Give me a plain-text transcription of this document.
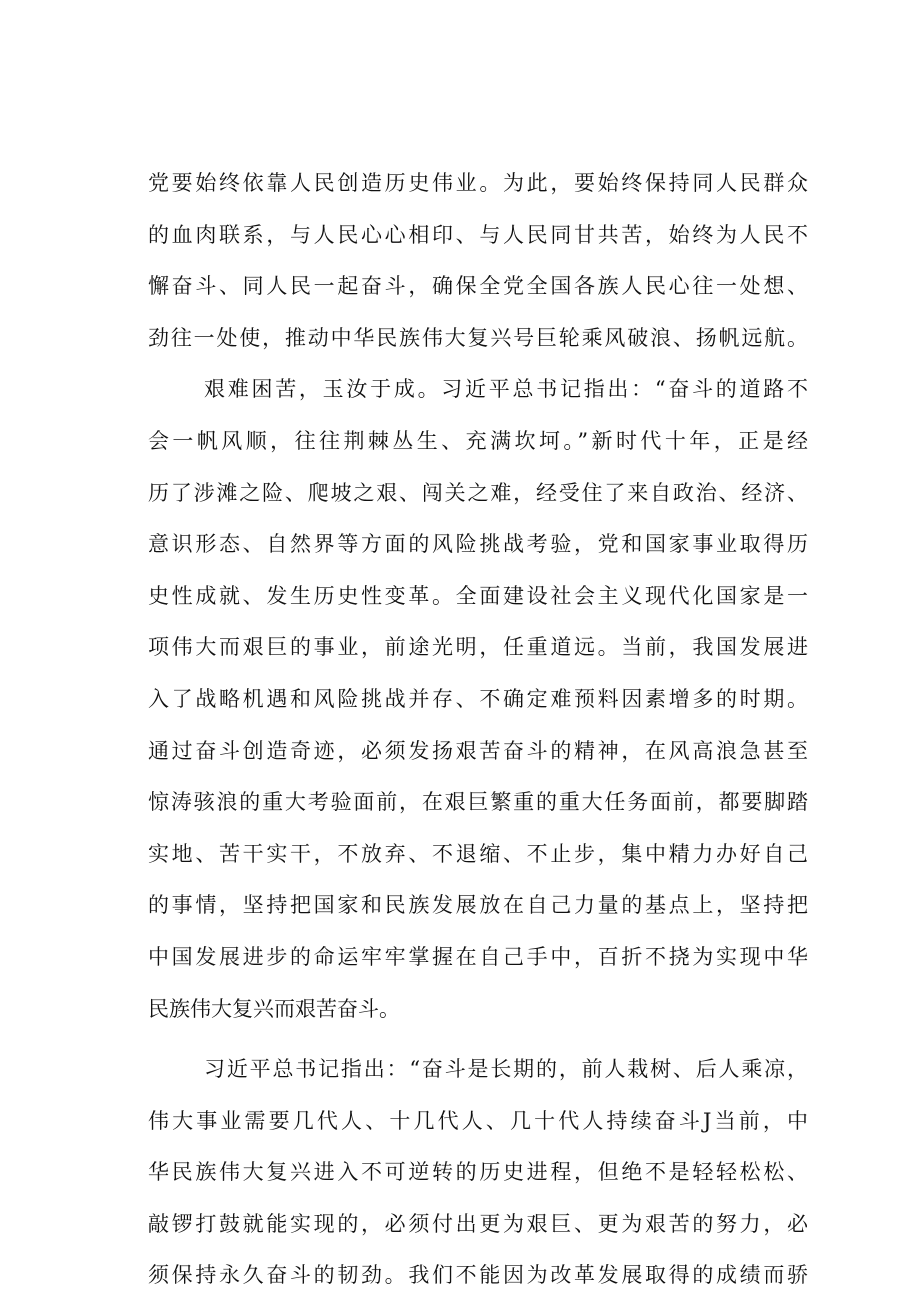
党要始终依靠人民创造历史伟业。为此，要始终保持同人民群众
的血肉联系，与人民心心相印、与人民同甘共苦，始终为人民不
懈奋斗、同人民一起奋斗，确保全党全国各族人民心往一处想、
劲往一处使，推动中华民族伟大复兴号巨轮乘风破浪、扬帆远航。
艰难困苦，玉汝于成。习近平总书记指出：“奋斗的道路不
会一帆风顺，往往荆棘丛生、充满坎坷。”新时代十年，正是经
历了涉滩之险、爬坡之艰、闯关之难，经受住了来自政治、经济、
意识形态、自然界等方面的风险挑战考验，党和国家事业取得历
史性成就、发生历史性变革。全面建设社会主义现代化国家是一
项伟大而艰巨的事业，前途光明，任重道远。当前，我国发展进
入了战略机遇和风险挑战并存、不确定难预料因素增多的时期。
通过奋斗创造奇迹，必须发扬艰苦奋斗的精神，在风高浪急甚至
惊涛骇浪的重大考验面前，在艰巨繁重的重大任务面前，都要脚踏
实地、苦干实干，不放弃、不退缩、不止步，集中精力办好自己
的事情，坚持把国家和民族发展放在自己力量的基点上，坚持把
中国发展进步的命运牢牢掌握在自己手中，百折不挠为实现中华
民族伟大复兴而艰苦奋斗。
习近平总书记指出：“奋斗是长期的，前人栽树、后人乘凉，
伟大事业需要几代人、十几代人、几十代人持续奋斗J当前，中
华民族伟大复兴进入不可逆转的历史进程，但绝不是轻轻松松、
敲锣打鼓就能实现的，必须付出更为艰巨、更为艰苦的努力，必
须保持永久奋斗的韧劲。我们不能因为改革发展取得的成绩而骄
